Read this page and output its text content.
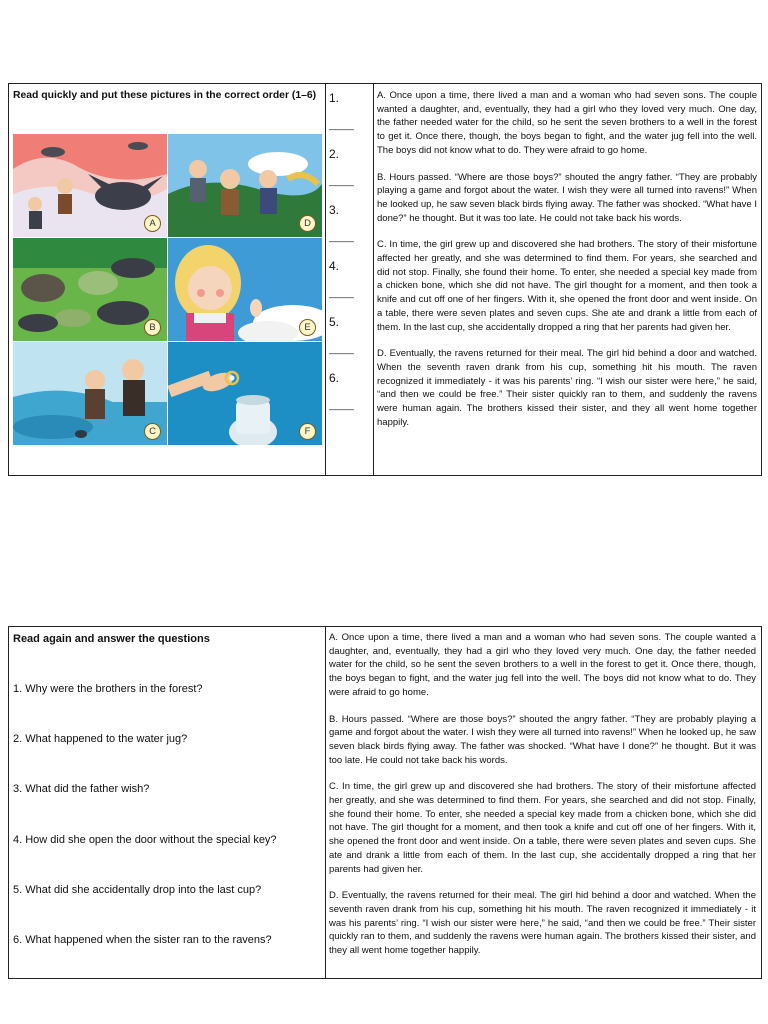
Read quickly and put these pictures in the correct order (1–6)
A	D
B	E
C	F
1.
_____
2.
_____
3.
_____
4.
_____
5.
_____
6.
_____

A. Once upon a time, there lived a man and a woman who had seven sons. The couple wanted a daughter, and, eventually, they had a girl who they loved very much. One day, the father needed water for the child, so he sent the seven brothers to a well in the forest to get it. Once there, though, the boys began to fight, and the water jug fell into the well. The boys did not know what to do. They were afraid to go home.

B. Hours passed. “Where are those boys?” shouted the angry father. “They are probably playing a game and forgot about the water. I wish they were all turned into ravens!” When he looked up, he saw seven black birds flying away. The father was shocked. “What have I done?” he thought. But it was too late. He could not take back his words.

C. In time, the girl grew up and discovered she had brothers. The story of their misfortune affected her greatly, and she was determined to find them. For years, she searched and did not stop. Finally, she found their home. To enter, she needed a special key made from a chicken bone, which she did not have. The girl thought for a moment, and then took a knife and cut off one of her fingers. With it, she opened the front door and went inside. On a table, there were seven plates and seven cups. She ate and drank a little from each of them. In the last cup, she accidentally dropped a ring that her parents had given her.

D. Eventually, the ravens returned for their meal. The girl hid behind a door and watched. When the seventh raven drank from his cup, something hit his mouth. The raven recognized it immediately - it was his parents’ ring. “I wish our sister were here,” he said, “and then we could be free.” Their sister quickly ran to them, and suddenly the ravens were human again. The brothers kissed their sister, and they all went home together happily.

Read again and answer the questions
1. Why were the brothers in the forest?
2. What happened to the water jug?
3. What did the father wish?
4. How did she open the door without the special key?
5. What did she accidentally drop into the last cup?
6. What happened when the sister ran to the ravens?

A. Once upon a time, there lived a man and a woman who had seven sons. The couple wanted a daughter, and, eventually, they had a girl who they loved very much. One day, the father needed water for the child, so he sent the seven brothers to a well in the forest to get it. Once there, though, the boys began to fight, and the water jug fell into the well. The boys did not know what to do. They were afraid to go home.

B. Hours passed. “Where are those boys?” shouted the angry father. “They are probably playing a game and forgot about the water. I wish they were all turned into ravens!” When he looked up, he saw seven black birds flying away. The father was shocked. “What have I done?” he thought. But it was too late. He could not take back his words.

C. In time, the girl grew up and discovered she had brothers. The story of their misfortune affected her greatly, and she was determined to find them. For years, she searched and did not stop. Finally, she found their home. To enter, she needed a special key made from a chicken bone, which she did not have. The girl thought for a moment, and then took a knife and cut off one of her fingers. With it, she opened the front door and went inside. On a table, there were seven plates and seven cups. She ate and drank a little from each of them. In the last cup, she accidentally dropped a ring that her parents had given her.

D. Eventually, the ravens returned for their meal. The girl hid behind a door and watched. When the seventh raven drank from his cup, something hit his mouth. The raven recognized it immediately - it was his parents’ ring. “I wish our sister were here,” he said, “and then we could be free.” Their sister quickly ran to them, and suddenly the ravens were human again. The brothers kissed their sister, and they all went home together happily.
